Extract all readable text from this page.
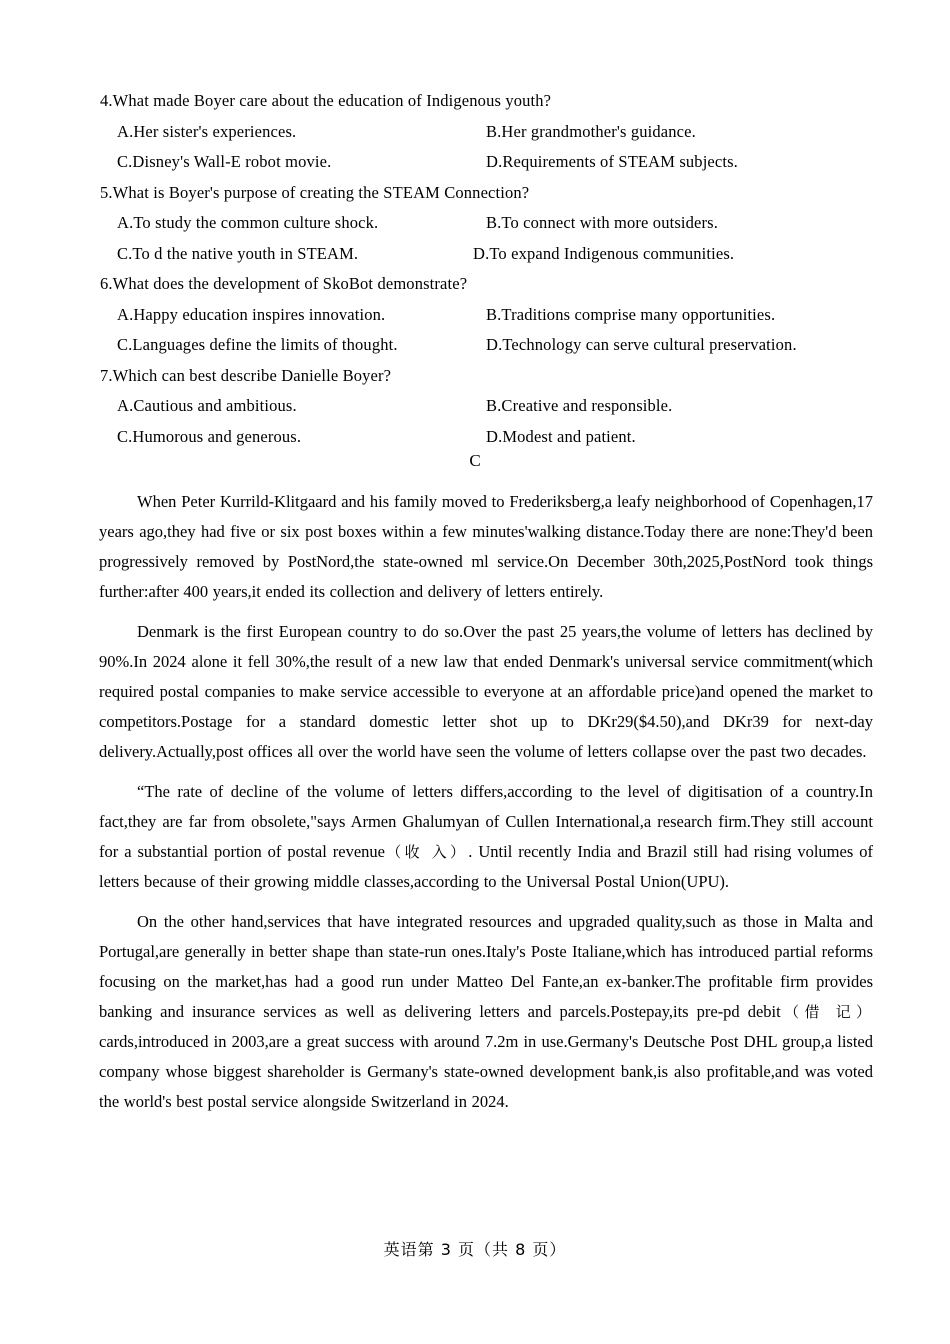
4.What made Boyer care about the education of Indigenous youth?
A.Her sister's experiences.	B.Her grandmother's guidance.
C.Disney's Wall-E robot movie.	D.Requirements of STEAM subjects.
5.What is Boyer's purpose of creating the STEAM Connection?
A.To study the common culture shock.	B.To connect with more outsiders.
C.To d the native youth in STEAM.	D.To expand Indigenous communities.
6.What does the development of SkoBot demonstrate?
A.Happy education inspires innovation.	B.Traditions comprise many opportunities.
C.Languages define the limits of thought.	D.Technology can serve cultural preservation.
7.Which can best describe Danielle Boyer?
A.Cautious and ambitious.	B.Creative and responsible.
C.Humorous and generous.	D.Modest and patient.
C

When Peter Kurrild-Klitgaard and his family moved to Frederiksberg,a leafy neighborhood of Copenhagen,17 years ago,they had five or six post boxes within a few minutes'walking distance.Today there are none:They'd been progressively removed by PostNord,the state-owned ml service.On December 30th,2025,PostNord took things further:after 400 years,it ended its collection and delivery of letters entirely.

Denmark is the first European country to do so.Over the past 25 years,the volume of letters has declined by 90%.In 2024 alone it fell 30%,the result of a new law that ended Denmark's universal service commitment(which required postal companies to make service accessible to everyone at an affordable price)and opened the market to competitors.Postage for a standard domestic letter shot up to DKr29($4.50),and DKr39 for next-day delivery.Actually,post offices all over the world have seen the volume of letters collapse over the past two decades.

“The rate of decline of the volume of letters differs,according to the level of digitisation of a country.In fact,they are far from obsolete,"says Armen Ghalumyan of Cullen International,a research firm.They still account for a substantial portion of postal revenue（收 入）. Until recently India and Brazil still had rising volumes of letters because of their growing middle classes,according to the Universal Postal Union(UPU).

On the other hand,services that have integrated resources and upgraded quality,such as those in Malta and Portugal,are generally in better shape than state-run ones.Italy's Poste Italiane,which has introduced partial reforms focusing on the market,has had a good run under Matteo Del Fante,an ex-banker.The profitable firm provides banking and insurance services as well as delivering letters and parcels.Postepay,its pre-pd debit（借 记）cards,introduced in 2003,are a great success with around 7.2m in use.Germany's Deutsche Post DHL group,a listed company whose biggest shareholder is Germany's state-owned development bank,is also profitable,and was voted the world's best postal service alongside Switzerland in 2024.

英语第 3 页（共 8 页）
